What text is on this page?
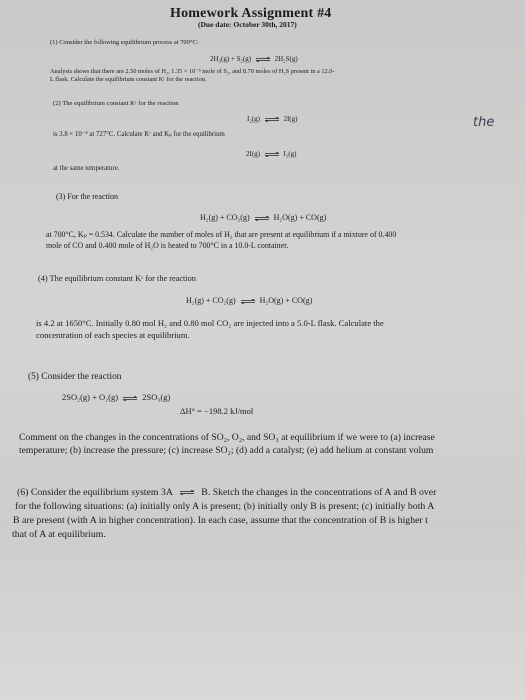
Homework Assignment #4
(Due date: October 30th, 2017)
(1) Consider the following equilibrium process at 700°C:
2H₂(g) + S₂(g) ⇌ 2H₂S(g)
Analysis shows that there are 2.50 moles of H₂, 1.35 × 10⁻⁵ mole of S₂, and 8.70 moles of H₂S present in a 12.0-
L flask. Calculate the equilibrium constant Kᶜ for the reaction.
(2) The equilibrium constant Kᶜ for the reaction
I₂(g) ⇌ 2I(g)
is 3.8 × 10⁻⁵ at 727°C. Calculate Kᶜ and Kₚ for the equilibrium
2I(g) ⇌ I₂(g)
at the same temperature.
the
(3) For the reaction
H₂(g) + CO₂(g) ⇌ H₂O(g) + CO(g)
at 700°C, Kₚ = 0.534. Calculate the number of moles of H₂ that are present at equilibrium if a mixture of 0.400
mole of CO and 0.400 mole of H₂O is heated to 700°C in a 10.0-L container.
(4) The equilibrium constant Kᶜ for the reaction
H₂(g) + CO₂(g) ⇌ H₂O(g) + CO(g)
is 4.2 at 1650°C. Initially 0.80 mol H₂ and 0.80 mol CO₂ are injected into a 5.0-L flask. Calculate the
concentration of each species at equilibrium.
(5) Consider the reaction
2SO₂(g) + O₂(g) ⇌ 2SO₃(g)
ΔH° = −198.2 kJ/mol
Comment on the changes in the concentrations of SO₂, O₂, and SO₃ at equilibrium if we were to (a) increase
temperature; (b) increase the pressure; (c) increase SO₂; (d) add a catalyst; (e) add helium at constant volum
(6) Consider the equilibrium system 3A ⇌ B. Sketch the changes in the concentrations of A and B over
for the following situations: (a) initially only A is present; (b) initially only B is present; (c) initially both A
B are present (with A in higher concentration). In each case, assume that the concentration of B is higher t
that of A at equilibrium.
